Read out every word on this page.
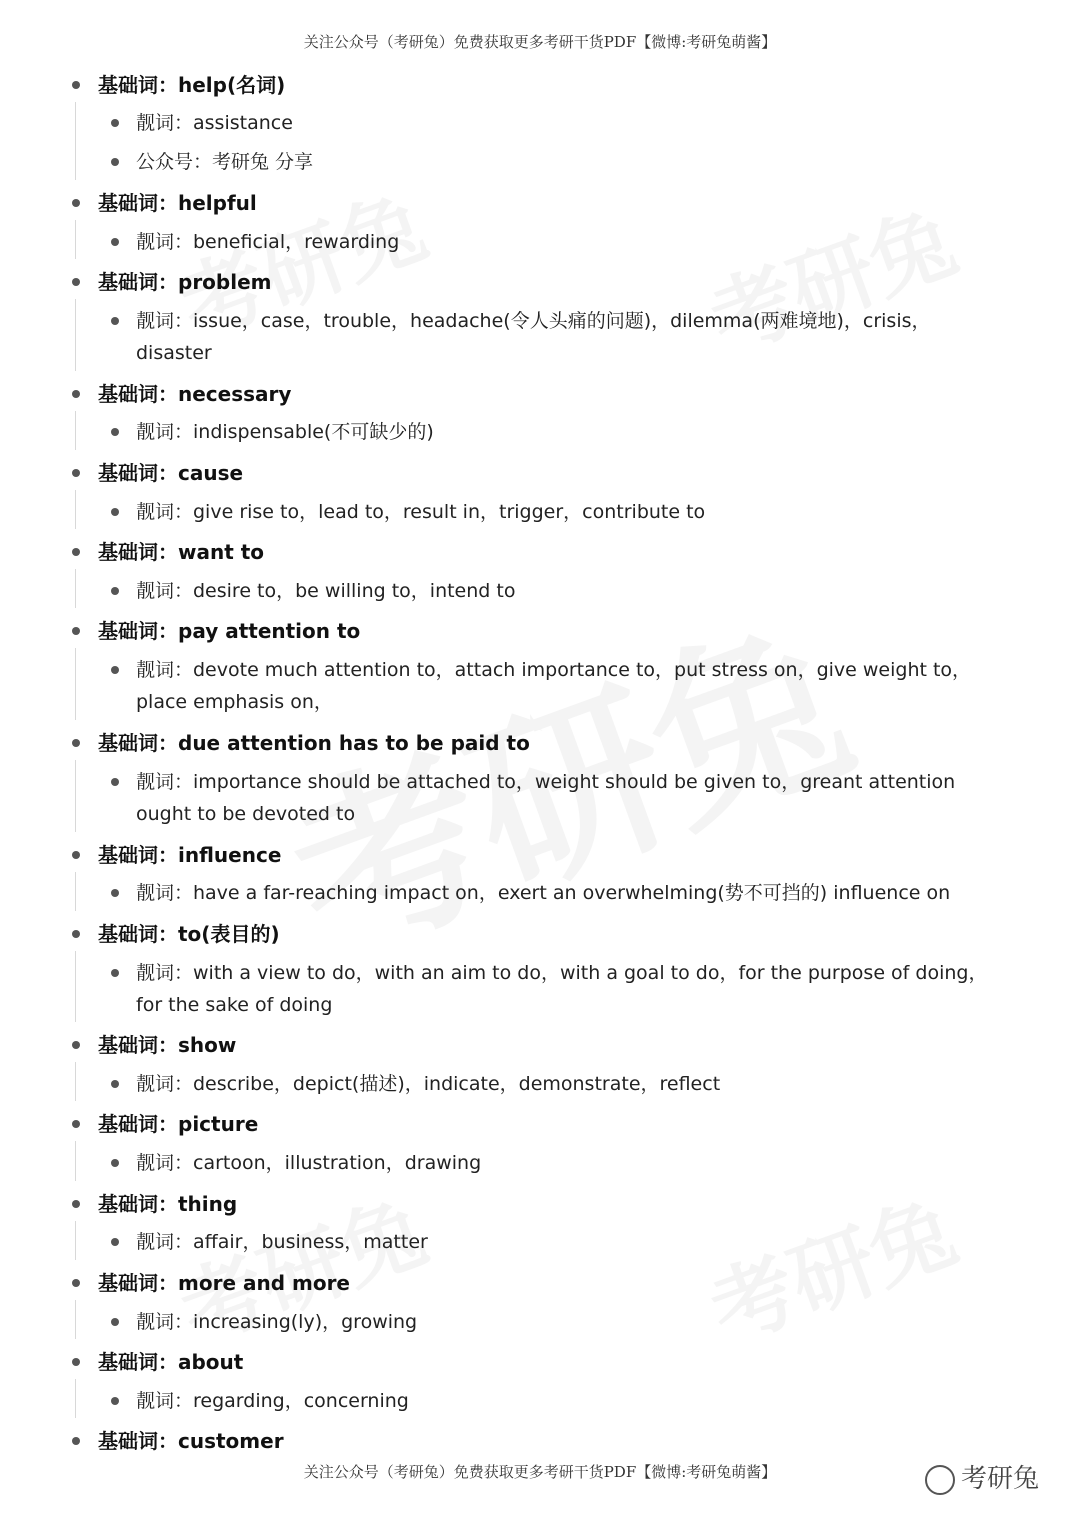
关注公众号（考研兔）免费获取更多考研干货PDF【微博:考研兔萌酱】
基础词：help(名词)
靓词：assistance
公众号：考研兔 分享
基础词：helpful
靓词：beneficial，rewarding
基础词：problem
靓词：issue，case，trouble，headache(令人头痛的问题)，dilemma(两难境地)，crisis，disaster
基础词：necessary
靓词：indispensable(不可缺少的)
基础词：cause
靓词：give rise to，lead to，result in，trigger，contribute to
基础词：want to
靓词：desire to，be willing to，intend to
基础词：pay attention to
靓词：devote much attention to，attach importance to，put stress on，give weight to，place emphasis on，
基础词：due attention has to be paid to
靓词：importance should be attached to，weight should be given to，greant attention ought to be devoted to
基础词：influence
靓词：have a far-reaching impact on，exert an overwhelming(势不可挡的) influence on
基础词：to(表目的)
靓词：with a view to do，with an aim to do，with a goal to do，for the purpose of doing，for the sake of doing
基础词：show
靓词：describe，depict(描述)，indicate，demonstrate，reflect
基础词：picture
靓词：cartoon，illustration，drawing
基础词：thing
靓词：affair，business，matter
基础词：more and more
靓词：increasing(ly)，growing
基础词：about
靓词：regarding，concerning
基础词：customer
关注公众号（考研兔）免费获取更多考研干货PDF【微博:考研兔萌酱】	考研兔
